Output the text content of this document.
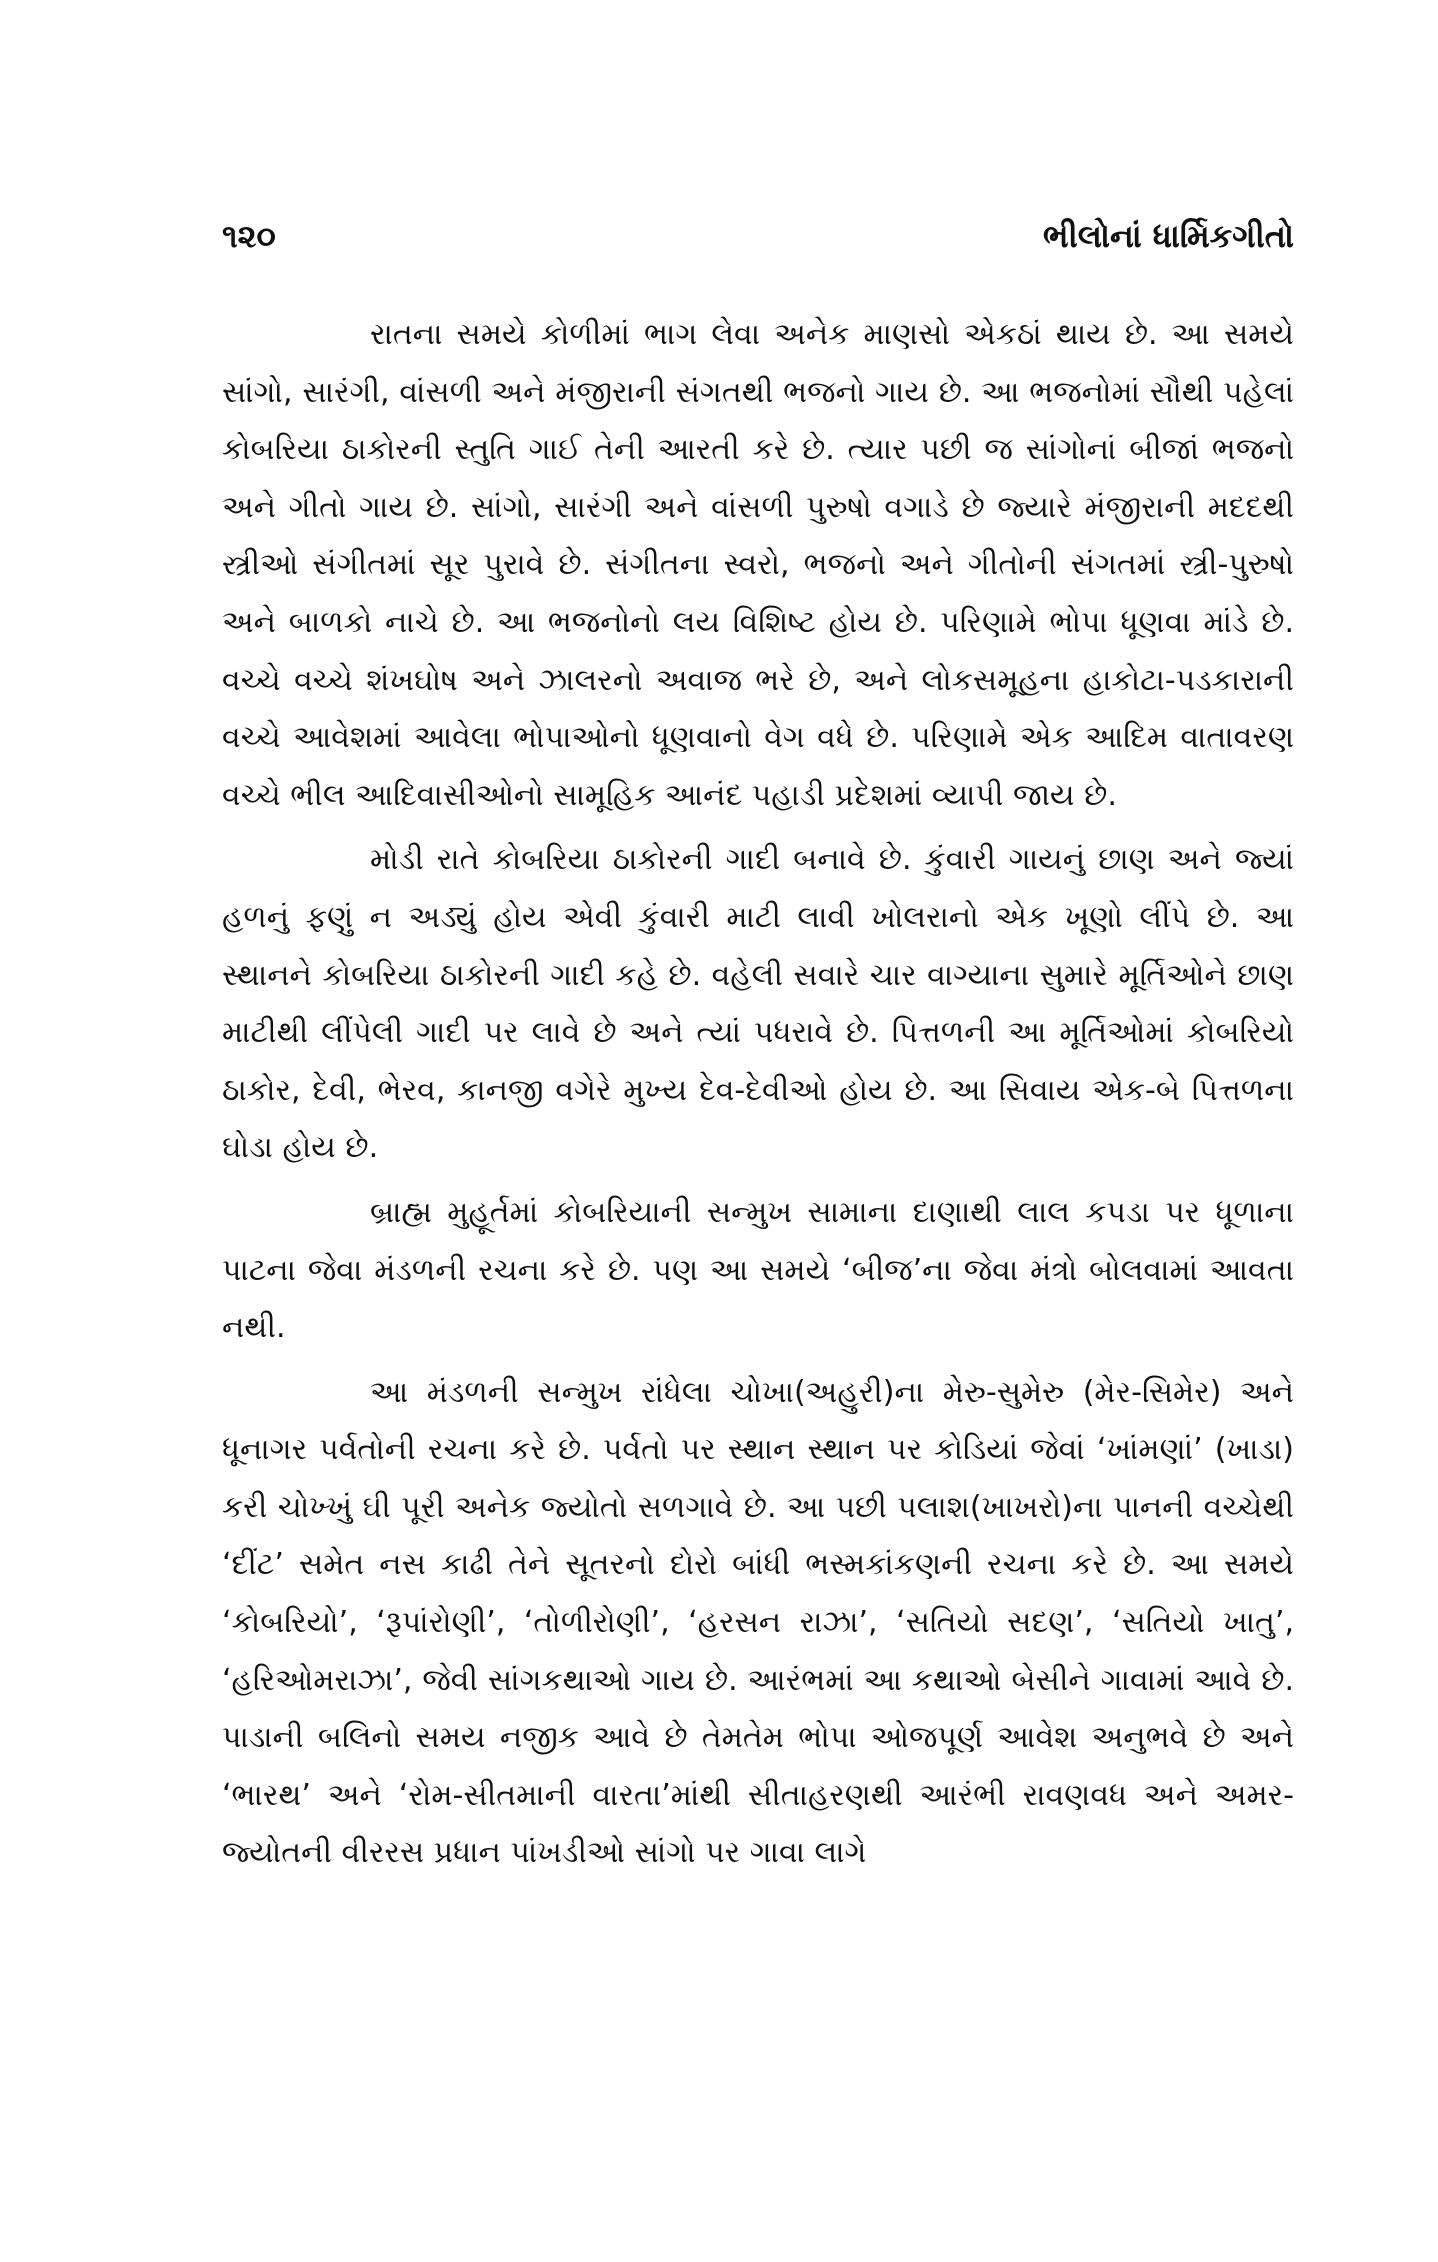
૧૨૦	ભીલોનાં ધાર્મિકગીતો

રાતના સમયે કોળીમાં ભાગ લેવા અનેક માણસો એકઠાં થાય છે. આ સમયે સાંગો, સારંગી, વાંસળી અને મંજીરાની સંગતથી ભજનો ગાય છે. આ ભજનોમાં સૌથી પહેલાં કોબરિયા ઠાકોરની સ્તુતિ ગાઈ તેની આરતી કરે છે. ત્યાર પછી જ સાંગોનાં બીજાં ભજનો અને ગીતો ગાય છે. સાંગો, સારંગી અને વાંસળી પુરુષો વગાડે છે જ્યારે મંજીરાની મદદથી સ્ત્રીઓ સંગીતમાં સૂર પુરાવે છે. સંગીતના સ્વરો, ભજનો અને ગીતોની સંગતમાં સ્ત્રી-પુરુષો અને બાળકો નાચે છે. આ ભજનોનો લય વિશિષ્ટ હોય છે. પરિણામે ભોપા ધૂણવા માંડે છે. વચ્ચે વચ્ચે શંખઘોષ અને ઝાલરનો અવાજ ભરે છે, અને લોકસમૂહના હાકોટા-પડકારાની વચ્ચે આવેશમાં આવેલા ભોપાઓનો ધૂણવાનો વેગ વધે છે. પરિણામે એક આદિમ વાતાવરણ વચ્ચે ભીલ આદિવાસીઓનો સામૂહિક આનંદ પહાડી પ્રદેશમાં વ્યાપી જાય છે.

મોડી રાતે કોબરિયા ઠાકોરની ગાદી બનાવે છે. કુંવારી ગાયનું છાણ અને જ્યાં હળનું ફણું ન અડ્યું હોય એવી કુંવારી માટી લાવી ખોલરાનો એક ખૂણો લીંપે છે. આ સ્થાનને કોબરિયા ઠાકોરની ગાદી કહે છે. વહેલી સવારે ચાર વાગ્યાના સુમારે મૂર્તિઓને છાણ માટીથી લીંપેલી ગાદી પર લાવે છે અને ત્યાં પધરાવે છે. પિત્તળની આ મૂર્તિઓમાં કોબરિયો ઠાકોર, દેવી, ભેરવ, કાનજી વગેરે મુખ્ય દેવ-દેવીઓ હોય છે. આ સિવાય એક-બે પિત્તળના ઘોડા હોય છે.

બ્રાહ્મ મુહૂર્તમાં કોબરિયાની સન્મુખ સામાના દાણાથી લાલ કપડા પર ધૂળાના પાટના જેવા મંડળની રચના કરે છે. પણ આ સમયે ‘બીજ’ના જેવા મંત્રો બોલવામાં આવતા નથી.

આ મંડળની સન્મુખ રાંધેલા ચોખા(અહુરી)ના મેરુ-સુમેરુ (મેર-સિમેર) અને ધૂનાગર પર્વતોની રચના કરે છે. પર્વતો પર સ્થાન સ્થાન પર કોડિયાં જેવાં ‘ખાંમણાં’ (ખાડા) કરી ચોખ્ખું ઘી પૂરી અનેક જ્યોતો સળગાવે છે. આ પછી પલાશ(ખાખરો)ના પાનની વચ્ચેથી ‘દીંટ’ સમેત નસ કાઢી તેને સૂતરનો દોરો બાંધી ભસ્મકાંકણની રચના કરે છે. આ સમયે ‘કોબરિયો’, ‘રૂપાંરોણી’, ‘તોળીરોણી’, ‘હરસન રાઝા’, ‘સતિયો સદણ’, ‘સતિયો ખાતુ’, ‘હરિઓમરાઝા’, જેવી સાંગકથાઓ ગાય છે. આરંભમાં આ કથાઓ બેસીને ગાવામાં આવે છે. પાડાની બલિનો સમય નજીક આવે છે તેમતેમ ભોપા ઓજપૂર્ણ આવેશ અનુભવે છે અને ‘ભારથ’ અને ‘રોમ-સીતમાની વારતા’માંથી સીતાહરણથી આરંભી રાવણવધ અને અમર-જ્યોતની વીરરસ પ્રધાન પાંખડીઓ સાંગો પર ગાવા લાગે
